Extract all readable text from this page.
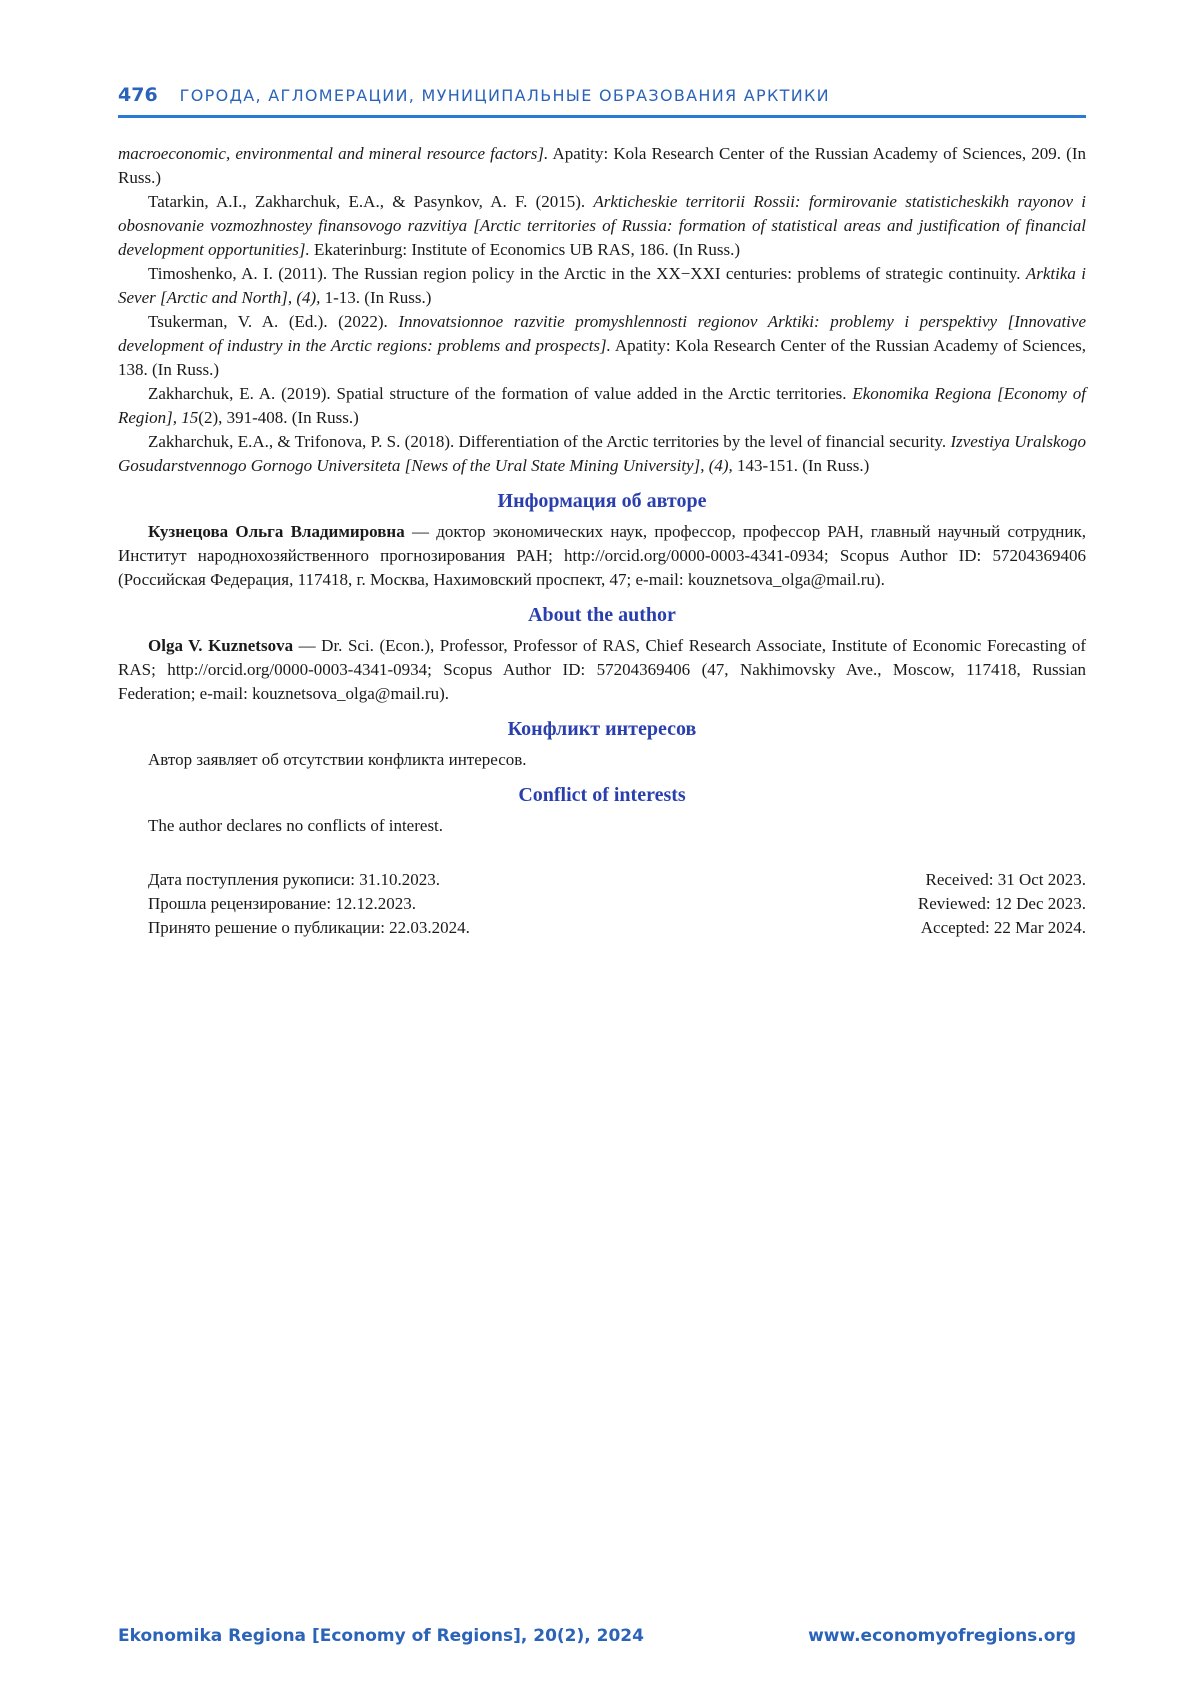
476 ГОРОДА, АГЛОМЕРАЦИИ, МУНИЦИПАЛЬНЫЕ ОБРАЗОВАНИЯ АРКТИКИ

macroeconomic, environmental and mineral resource factors]. Apatity: Kola Research Center of the Russian Academy of Sciences, 209. (In Russ.)

Tatarkin, A.I., Zakharchuk, E.A., & Pasynkov, A. F. (2015). Arkticheskie territorii Rossii: formirovanie statisticheskikh rayonov i obosnovanie vozmozhnostey finansovogo razvitiya [Arctic territories of Russia: formation of statistical areas and justification of financial development opportunities]. Ekaterinburg: Institute of Economics UB RAS, 186. (In Russ.)

Timoshenko, A. I. (2011). The Russian region policy in the Arctic in the XX−XXI centuries: problems of strategic continuity. Arktika i Sever [Arctic and North], (4), 1-13. (In Russ.)

Tsukerman, V. A. (Ed.). (2022). Innovatsionnoe razvitie promyshlennosti regionov Arktiki: problemy i perspektivy [Innovative development of industry in the Arctic regions: problems and prospects]. Apatity: Kola Research Center of the Russian Academy of Sciences, 138. (In Russ.)

Zakharchuk, E. A. (2019). Spatial structure of the formation of value added in the Arctic territories. Ekonomika Regiona [Economy of Region], 15(2), 391-408. (In Russ.)

Zakharchuk, E.A., & Trifonova, P. S. (2018). Differentiation of the Arctic territories by the level of financial security. Izvestiya Uralskogo Gosudarstvennogo Gornogo Universiteta [News of the Ural State Mining University], (4), 143-151. (In Russ.)

Информация об авторе

Кузнецова Ольга Владимировна — доктор экономических наук, профессор, профессор РАН, главный научный сотрудник, Институт народнохозяйственного прогнозирования РАН; http://orcid.org/0000-0003-4341-0934; Scopus Author ID: 57204369406 (Российская Федерация, 117418, г. Москва, Нахимовский проспект, 47; e-mail: kouznetsova_olga@mail.ru).

About the author

Olga V. Kuznetsova — Dr. Sci. (Econ.), Professor, Professor of RAS, Chief Research Associate, Institute of Economic Forecasting of RAS; http://orcid.org/0000-0003-4341-0934; Scopus Author ID: 57204369406 (47, Nakhimovsky Ave., Moscow, 117418, Russian Federation; e-mail: kouznetsova_olga@mail.ru).

Конфликт интересов

Автор заявляет об отсутствии конфликта интересов.

Conflict of interests

The author declares no conflicts of interest.

Дата поступления рукописи: 31.10.2023.
Прошла рецензирование: 12.12.2023.
Принято решение о публикации: 22.03.2024.
Received: 31 Oct 2023.
Reviewed: 12 Dec 2023.
Accepted: 22 Mar 2024.
Ekonomika Regiona [Economy of Regions], 20(2), 2024	www.economyofregions.org
